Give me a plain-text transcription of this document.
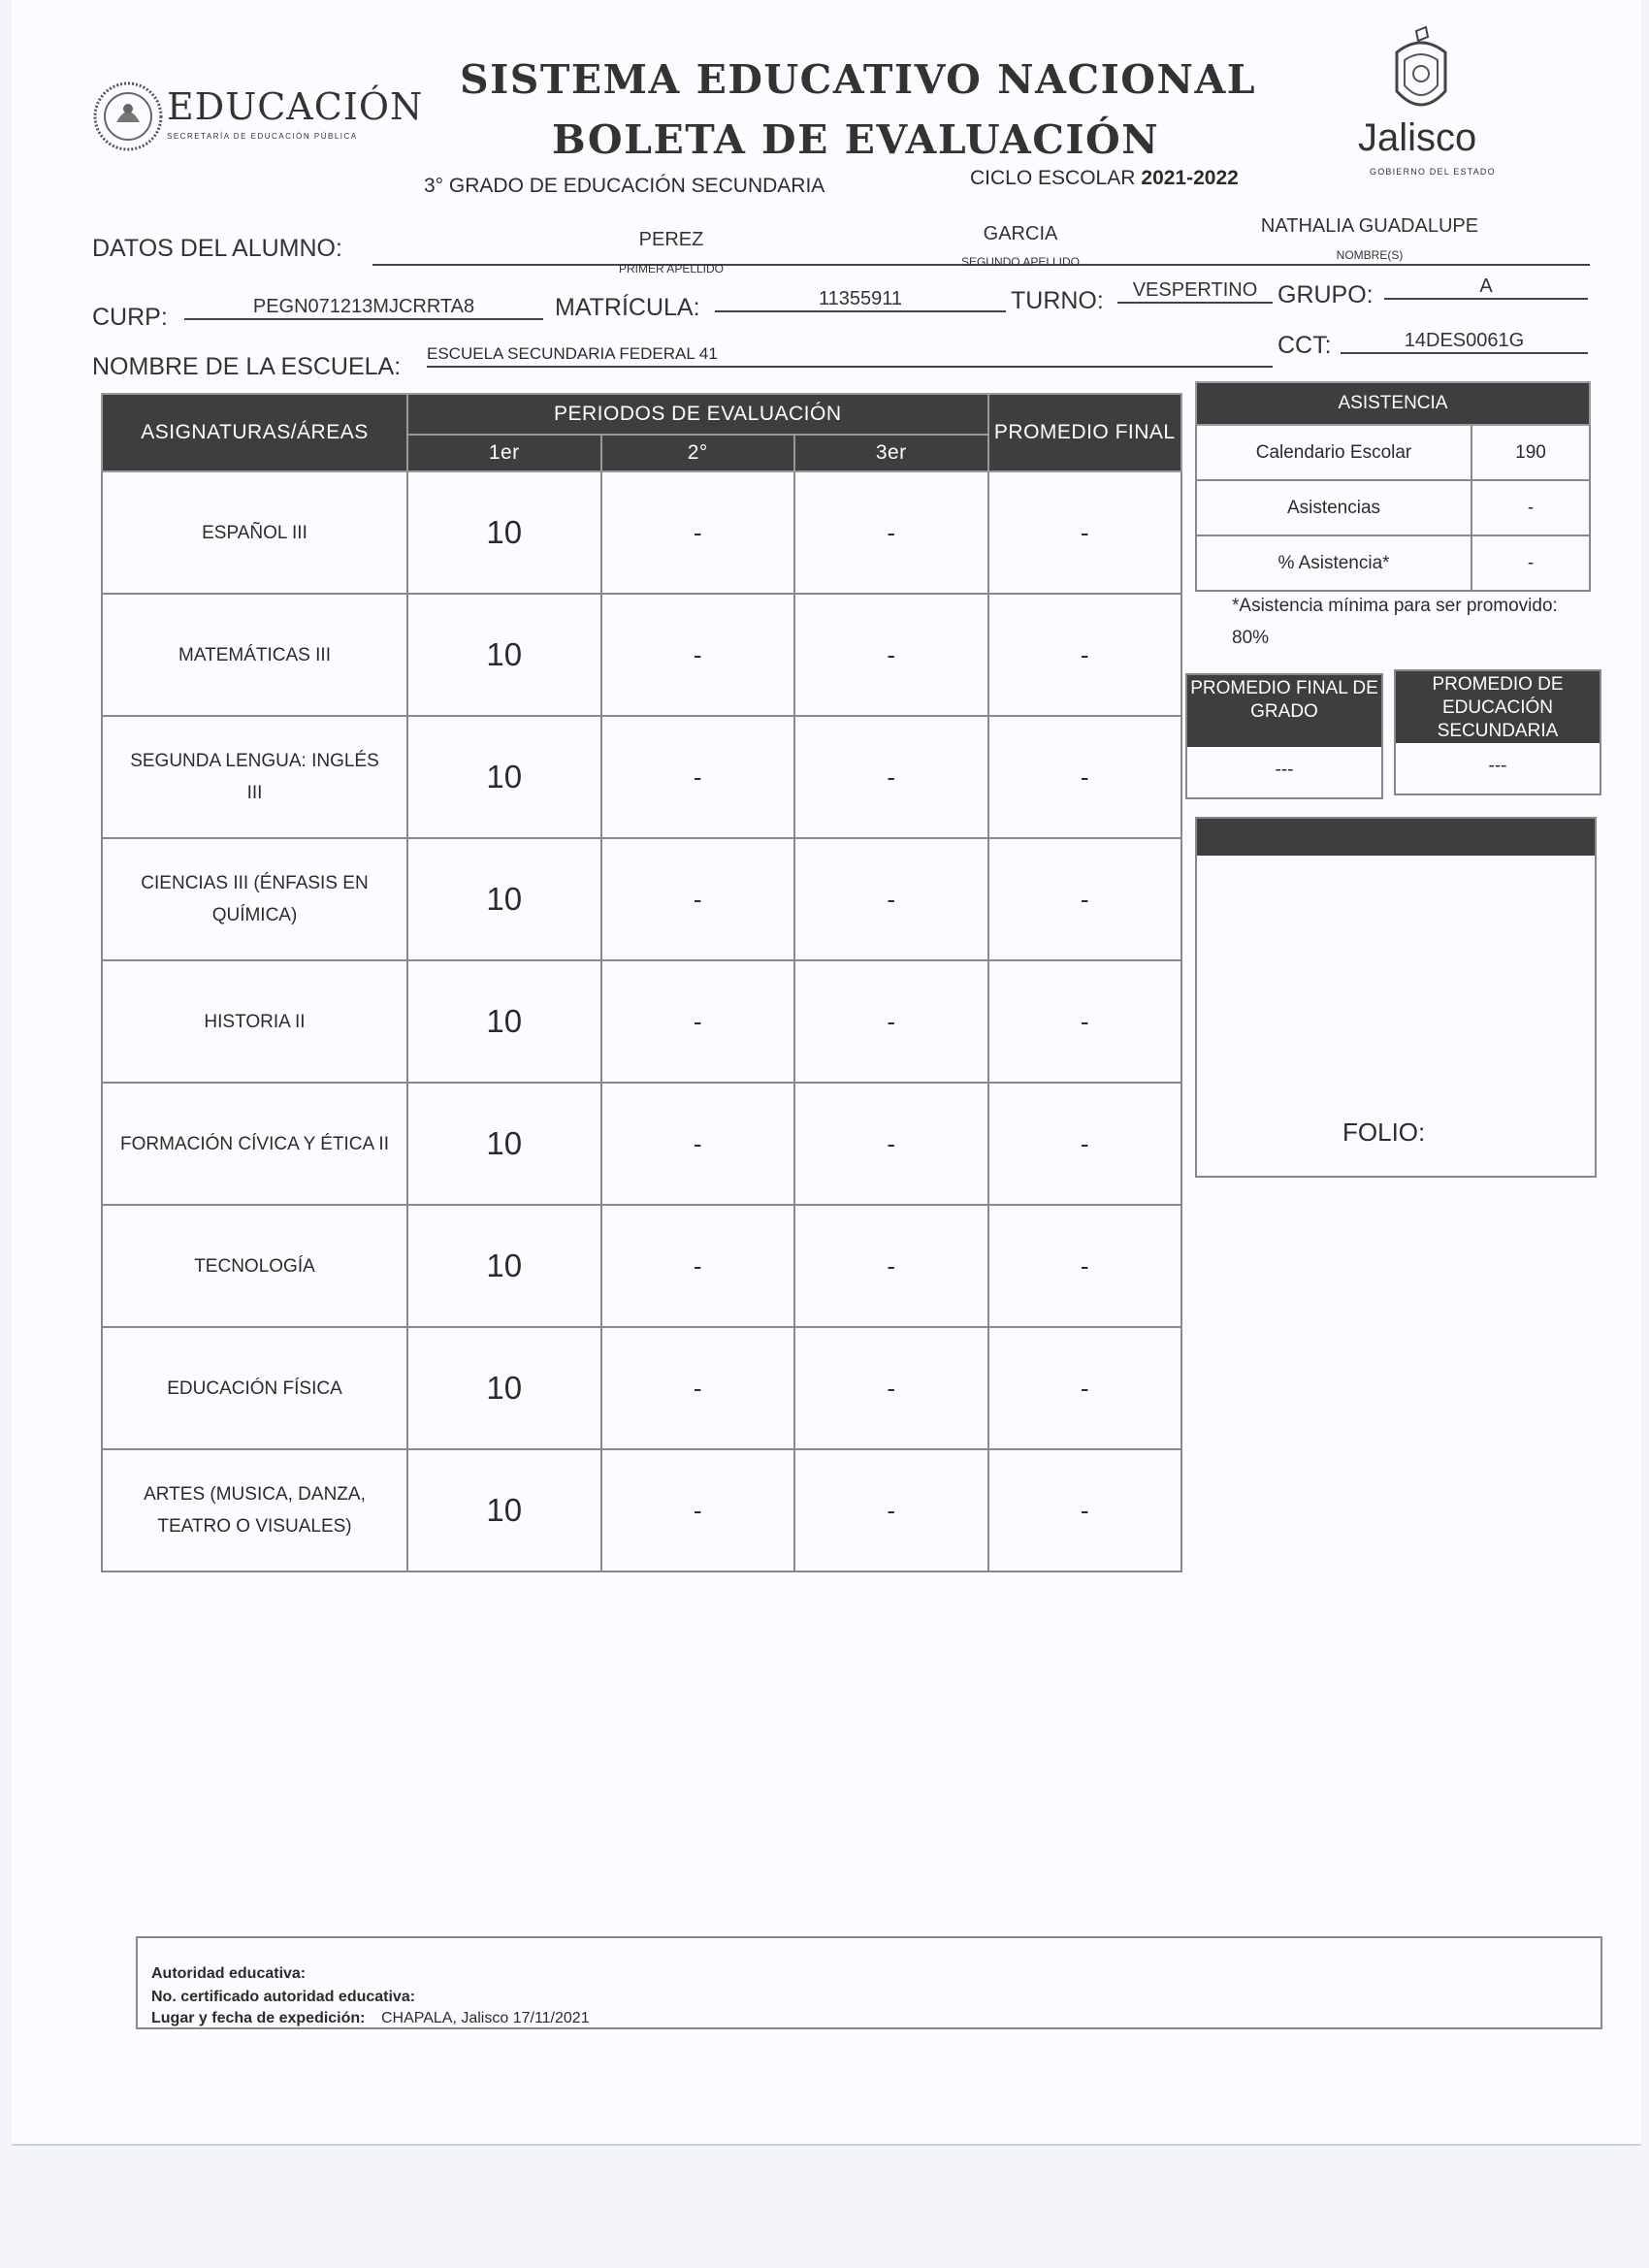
EDUCACIÓN
SECRETARÍA DE EDUCACIÓN PÚBLICA
SISTEMA EDUCATIVO NACIONAL
BOLETA DE EVALUACIÓN
3° GRADO DE EDUCACIÓN SECUNDARIA	CICLO ESCOLAR 2021-2022
Jalisco
GOBIERNO DEL ESTADO
DATOS DEL ALUMNO:	PEREZ
PRIMER APELLIDO
GARCIA
SEGUNDO APELLIDO
NATHALIA GUADALUPE
NOMBRE(S)
CURP:	PEGN071213MJCRRTA8	MATRÍCULA:	11355911	TURNO:	VESPERTINO GRUPO:	A
NOMBRE DE LA ESCUELA: ESCUELA SECUNDARIA FEDERAL 41	CCT:	14DES0061G
ASIGNATURAS/ÁREAS	PERIODOS DE EVALUACIÓN			PROMEDIO FINAL
	1er	2°	3er	
ESPAÑOL III	10	-	-	-
MATEMÁTICAS III	10	-	-	-
SEGUNDA LENGUA: INGLÉS III	10	-	-	-
CIENCIAS III (ÉNFASIS EN QUÍMICA)	10	-	-	-
HISTORIA II	10	-	-	-
FORMACIÓN CÍVICA Y ÉTICA II	10	-	-	-
TECNOLOGÍA	10	-	-	-
EDUCACIÓN FÍSICA	10	-	-	-
ARTES (MUSICA, DANZA, TEATRO O VISUALES)	10	-	-	-
ASISTENCIA	
Calendario Escolar	190
Asistencias	-
% Asistencia*	-
*Asistencia mínima para ser promovido: 80%
PROMEDIO FINAL DE GRADO
---
PROMEDIO DE EDUCACIÓN SECUNDARIA
---
FOLIO:
Autoridad educativa:
No. certificado autoridad educativa:
Lugar y fecha de expedición: CHAPALA, Jalisco 17/11/2021
